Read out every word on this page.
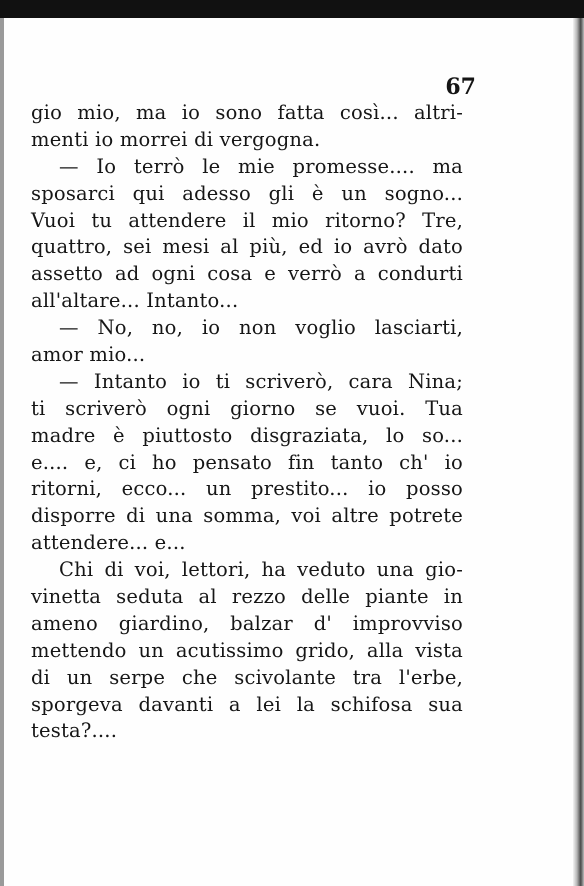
67
gio mio, ma io sono fatta così... altri-
menti io morrei di vergogna.
— Io terrò le mie promesse.... ma
sposarci qui adesso gli è un sogno...
Vuoi tu attendere il mio ritorno? Tre,
quattro, sei mesi al più, ed io avrò dato
assetto ad ogni cosa e verrò a condurti
all'altare... Intanto...
— No, no, io non voglio lasciarti,
amor mio...
— Intanto io ti scriverò, cara Nina;
ti scriverò ogni giorno se vuoi. Tua
madre è piuttosto disgraziata, lo so...
e.... e, ci ho pensato fin tanto ch' io
ritorni, ecco... un prestito... io posso
disporre di una somma, voi altre potrete
attendere... e...
Chi di voi, lettori, ha veduto una gio-
vinetta seduta al rezzo delle piante in
ameno giardino, balzar d' improvviso
mettendo un acutissimo grido, alla vista
di un serpe che scivolante tra l'erbe,
sporgeva davanti a lei la schifosa sua
testa?....
